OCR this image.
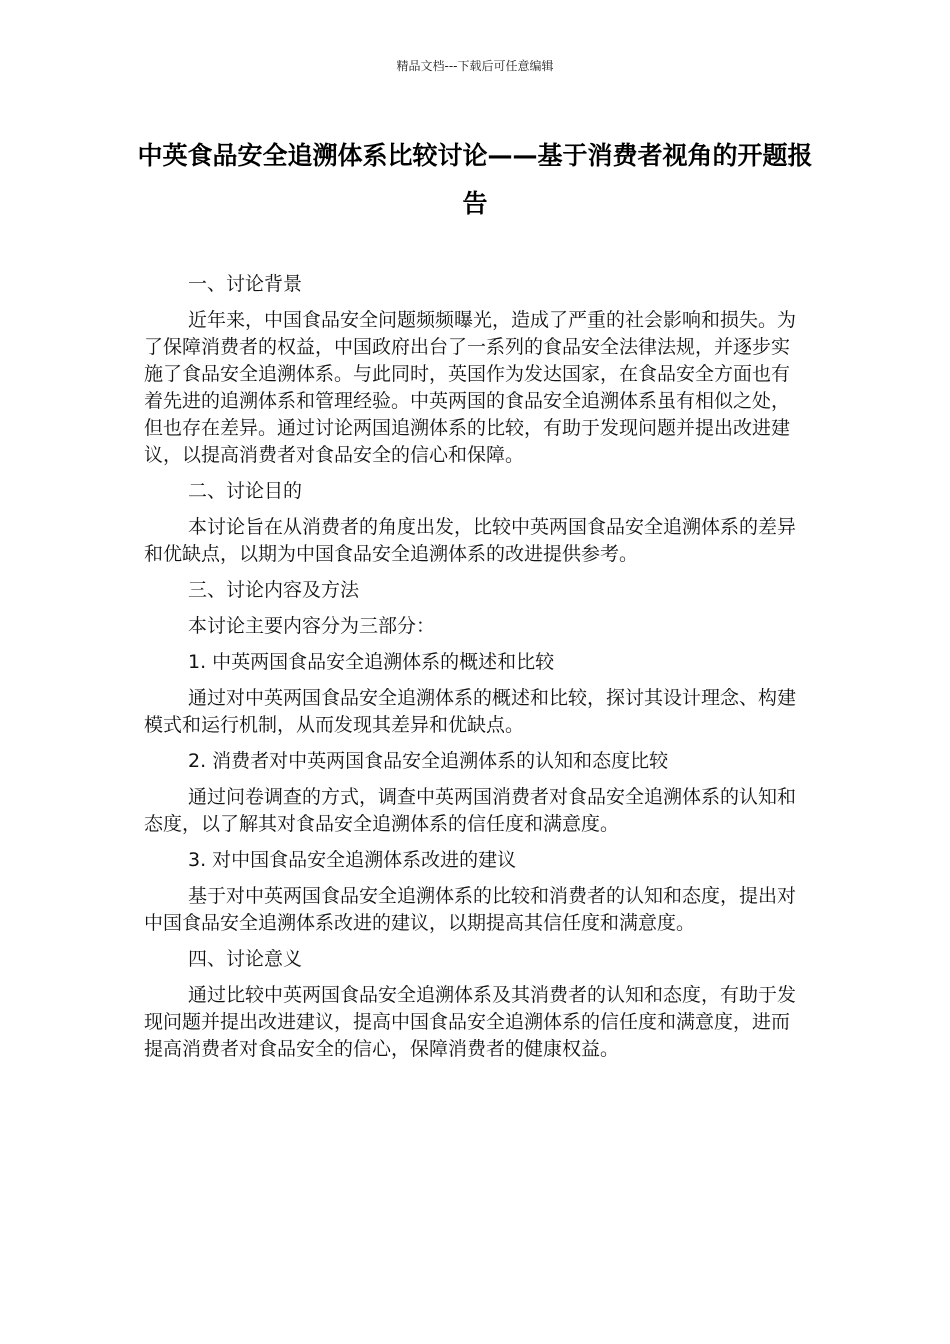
精品文档---下载后可任意编辑
中英食品安全追溯体系比较讨论——基于消费者视角的开题报告

一、讨论背景

近年来，中国食品安全问题频频曝光，造成了严重的社会影响和损失。为了保障消费者的权益，中国政府出台了一系列的食品安全法律法规，并逐步实施了食品安全追溯体系。与此同时，英国作为发达国家，在食品安全方面也有着先进的追溯体系和管理经验。中英两国的食品安全追溯体系虽有相似之处，但也存在差异。通过讨论两国追溯体系的比较，有助于发现问题并提出改进建议，以提高消费者对食品安全的信心和保障。

二、讨论目的

本讨论旨在从消费者的角度出发，比较中英两国食品安全追溯体系的差异和优缺点，以期为中国食品安全追溯体系的改进提供参考。

三、讨论内容及方法

本讨论主要内容分为三部分：

1. 中英两国食品安全追溯体系的概述和比较

通过对中英两国食品安全追溯体系的概述和比较，探讨其设计理念、构建模式和运行机制，从而发现其差异和优缺点。

2. 消费者对中英两国食品安全追溯体系的认知和态度比较

通过问卷调查的方式，调查中英两国消费者对食品安全追溯体系的认知和态度，以了解其对食品安全追溯体系的信任度和满意度。

3. 对中国食品安全追溯体系改进的建议

基于对中英两国食品安全追溯体系的比较和消费者的认知和态度，提出对中国食品安全追溯体系改进的建议，以期提高其信任度和满意度。

四、讨论意义

通过比较中英两国食品安全追溯体系及其消费者的认知和态度，有助于发现问题并提出改进建议，提高中国食品安全追溯体系的信任度和满意度，进而提高消费者对食品安全的信心，保障消费者的健康权益。
